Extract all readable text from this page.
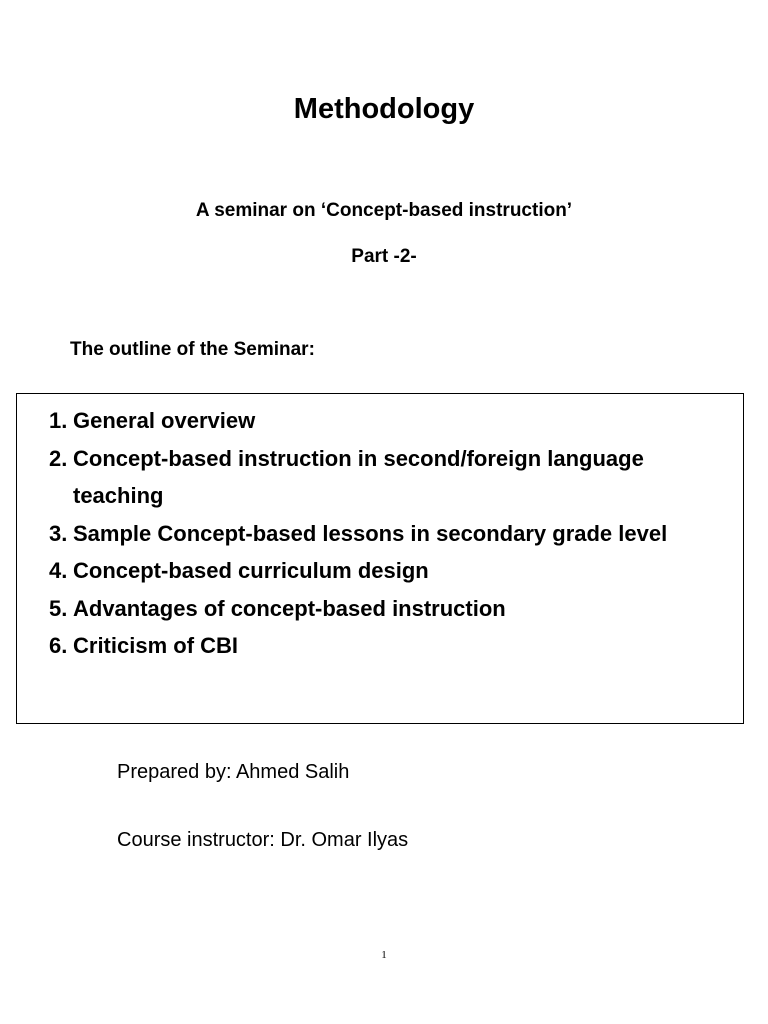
Methodology
A seminar on ‘Concept-based instruction’
Part -2-
The outline of the Seminar:
1. General overview
2. Concept-based instruction in second/foreign language teaching
3. Sample Concept-based lessons in secondary grade level
4. Concept-based curriculum design
5. Advantages of concept-based instruction
6. Criticism of CBI
Prepared by: Ahmed Salih
Course instructor: Dr. Omar Ilyas
1
